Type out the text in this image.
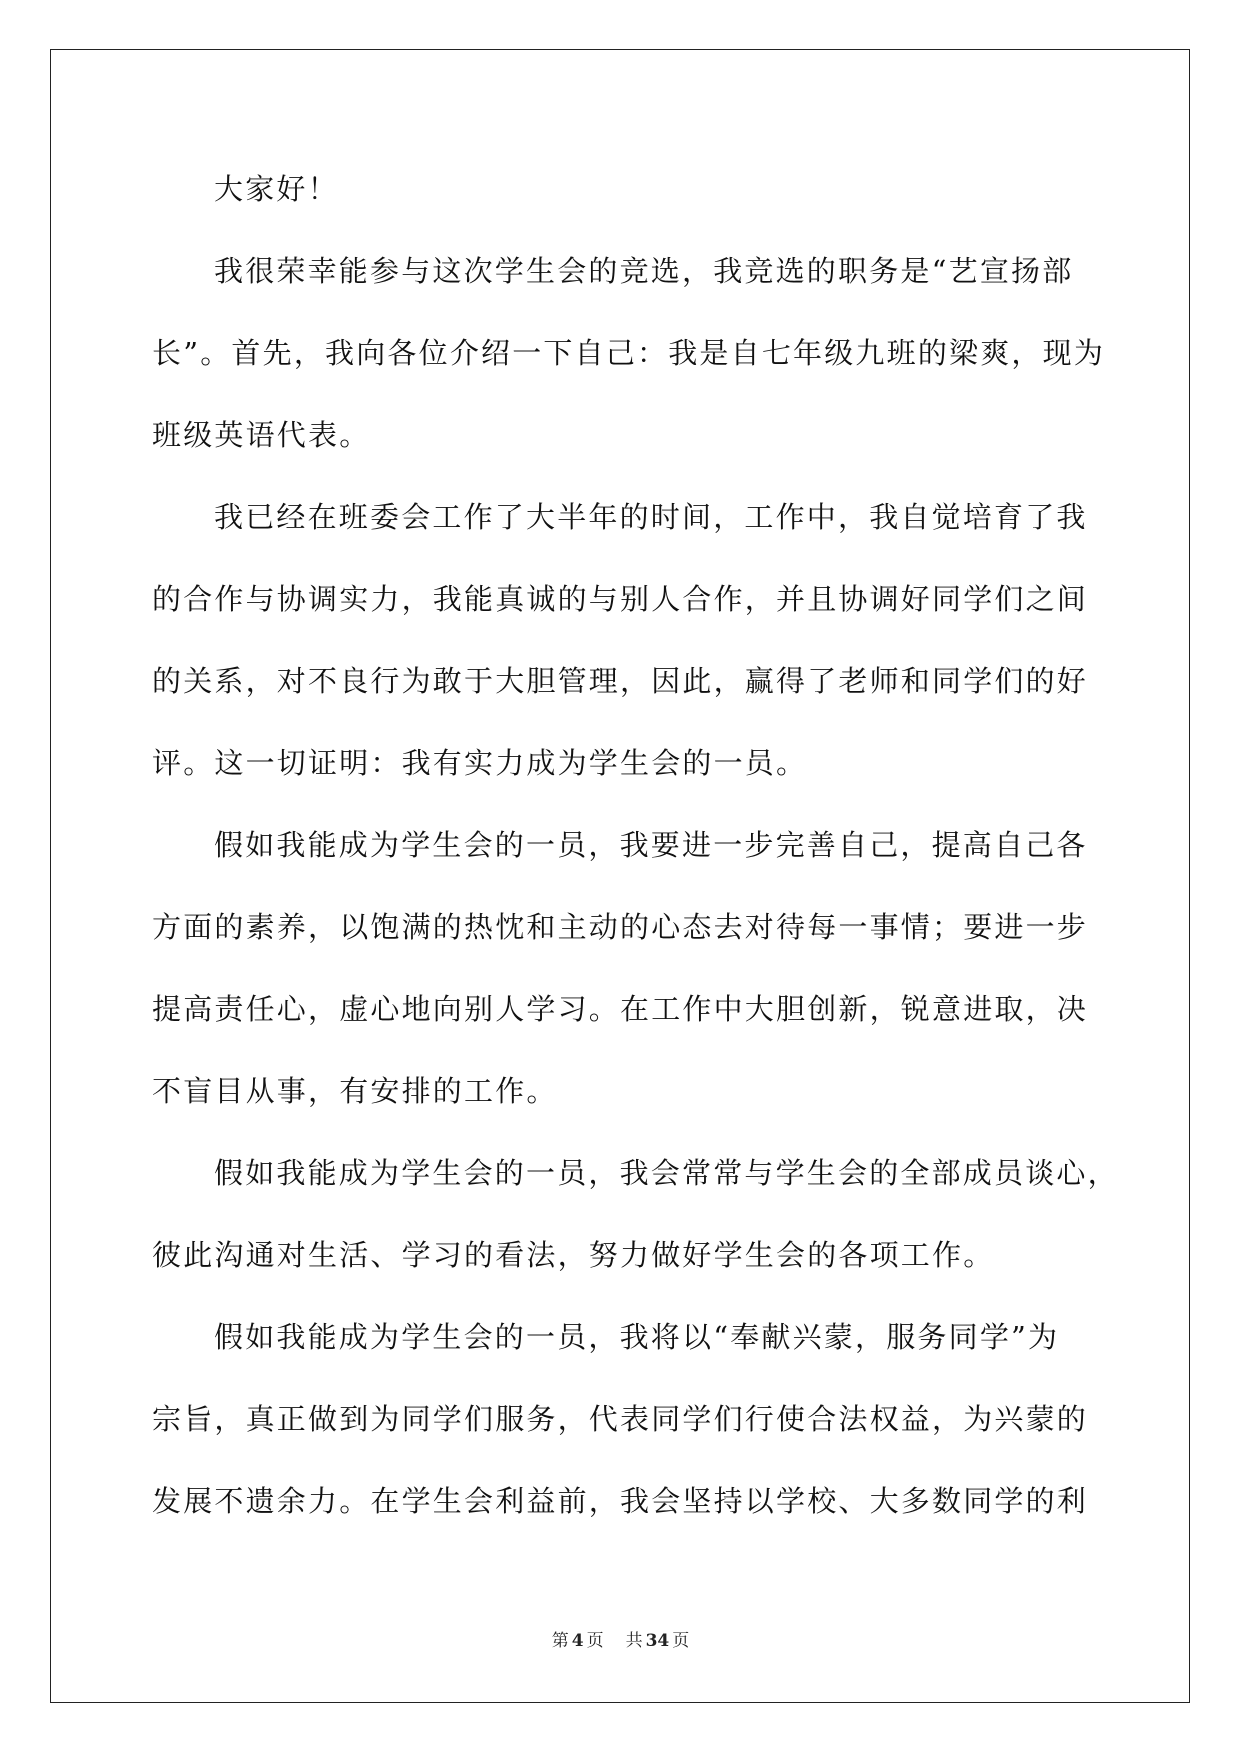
大家好！
我很荣幸能参与这次学生会的竞选，我竞选的职务是“艺宣扬部
长”。首先，我向各位介绍一下自己：我是自七年级九班的梁爽，现为
班级英语代表。
我已经在班委会工作了大半年的时间，工作中，我自觉培育了我
的合作与协调实力，我能真诚的与别人合作，并且协调好同学们之间
的关系，对不良行为敢于大胆管理，因此，赢得了老师和同学们的好
评。这一切证明：我有实力成为学生会的一员。
假如我能成为学生会的一员，我要进一步完善自己，提高自己各
方面的素养，以饱满的热忱和主动的心态去对待每一事情；要进一步
提高责任心，虚心地向别人学习。在工作中大胆创新，锐意进取，决
不盲目从事，有安排的工作。
假如我能成为学生会的一员，我会常常与学生会的全部成员谈心，
彼此沟通对生活、学习的看法，努力做好学生会的各项工作。
假如我能成为学生会的一员，我将以“奉献兴蒙，服务同学”为
宗旨，真正做到为同学们服务，代表同学们行使合法权益，为兴蒙的
发展不遗余力。在学生会利益前，我会坚持以学校、大多数同学的利
第 4 页 共 34 页
